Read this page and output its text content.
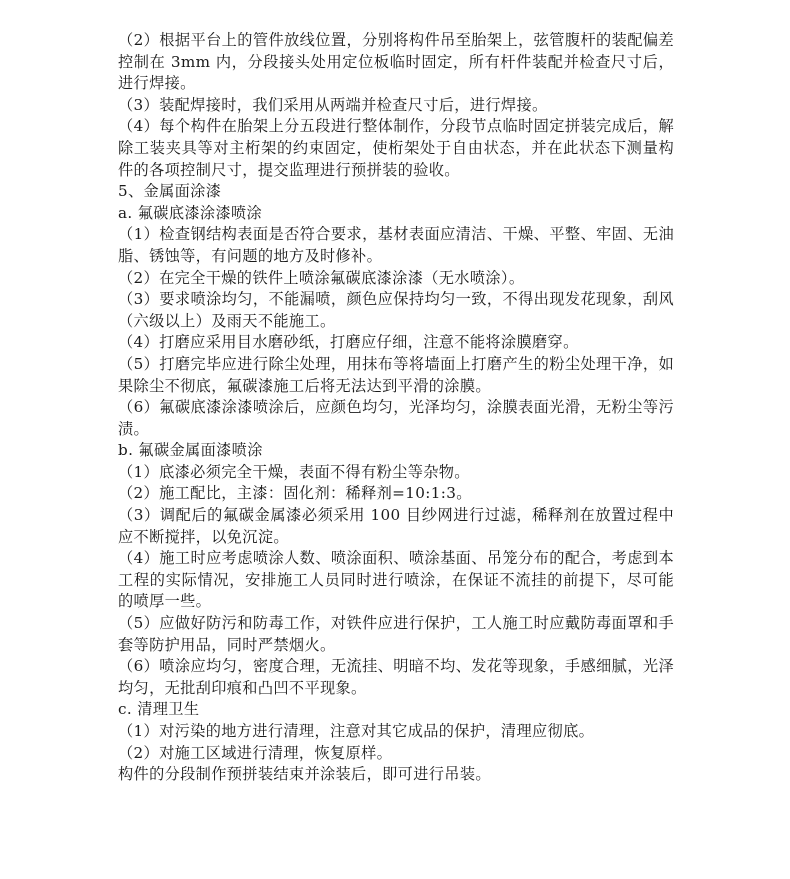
（2）根据平台上的管件放线位置，分别将构件吊至胎架上，弦管腹杆的装配偏差控制在 3mm 内，分段接头处用定位板临时固定，所有杆件装配并检查尺寸后，进行焊接。

（3）装配焊接时，我们采用从两端并检查尺寸后，进行焊接。

（4）每个构件在胎架上分五段进行整体制作，分段节点临时固定拼装完成后，解除工装夹具等对主桁架的约束固定，使桁架处于自由状态，并在此状态下测量构件的各项控制尺寸，提交监理进行预拼装的验收。

5、金属面涂漆

a. 氟碳底漆涂漆喷涂

（1）检查钢结构表面是否符合要求，基材表面应清洁、干燥、平整、牢固、无油脂、锈蚀等，有问题的地方及时修补。

（2）在完全干燥的铁件上喷涂氟碳底漆涂漆（无水喷涂）。

（3）要求喷涂均匀，不能漏喷，颜色应保持均匀一致，不得出现发花现象，刮风（六级以上）及雨天不能施工。

（4）打磨应采用目水磨砂纸，打磨应仔细，注意不能将涂膜磨穿。

（5）打磨完毕应进行除尘处理，用抹布等将墙面上打磨产生的粉尘处理干净，如果除尘不彻底，氟碳漆施工后将无法达到平滑的涂膜。

（6）氟碳底漆涂漆喷涂后，应颜色均匀，光泽均匀，涂膜表面光滑，无粉尘等污渍。

b. 氟碳金属面漆喷涂

（1）底漆必须完全干燥，表面不得有粉尘等杂物。

（2）施工配比，主漆：固化剂：稀释剂=10:1:3。

（3）调配后的氟碳金属漆必须采用 100 目纱网进行过滤，稀释剂在放置过程中应不断搅拌，以免沉淀。

（4）施工时应考虑喷涂人数、喷涂面积、喷涂基面、吊笼分布的配合，考虑到本工程的实际情况，安排施工人员同时进行喷涂，在保证不流挂的前提下，尽可能的喷厚一些。

（5）应做好防污和防毒工作，对铁件应进行保护，工人施工时应戴防毒面罩和手套等防护用品，同时严禁烟火。

（6）喷涂应均匀，密度合理，无流挂、明暗不均、发花等现象，手感细腻，光泽均匀，无批刮印痕和凸凹不平现象。

c. 清理卫生

（1）对污染的地方进行清理，注意对其它成品的保护，清理应彻底。

（2）对施工区域进行清理，恢复原样。

构件的分段制作预拼装结束并涂装后，即可进行吊装。
